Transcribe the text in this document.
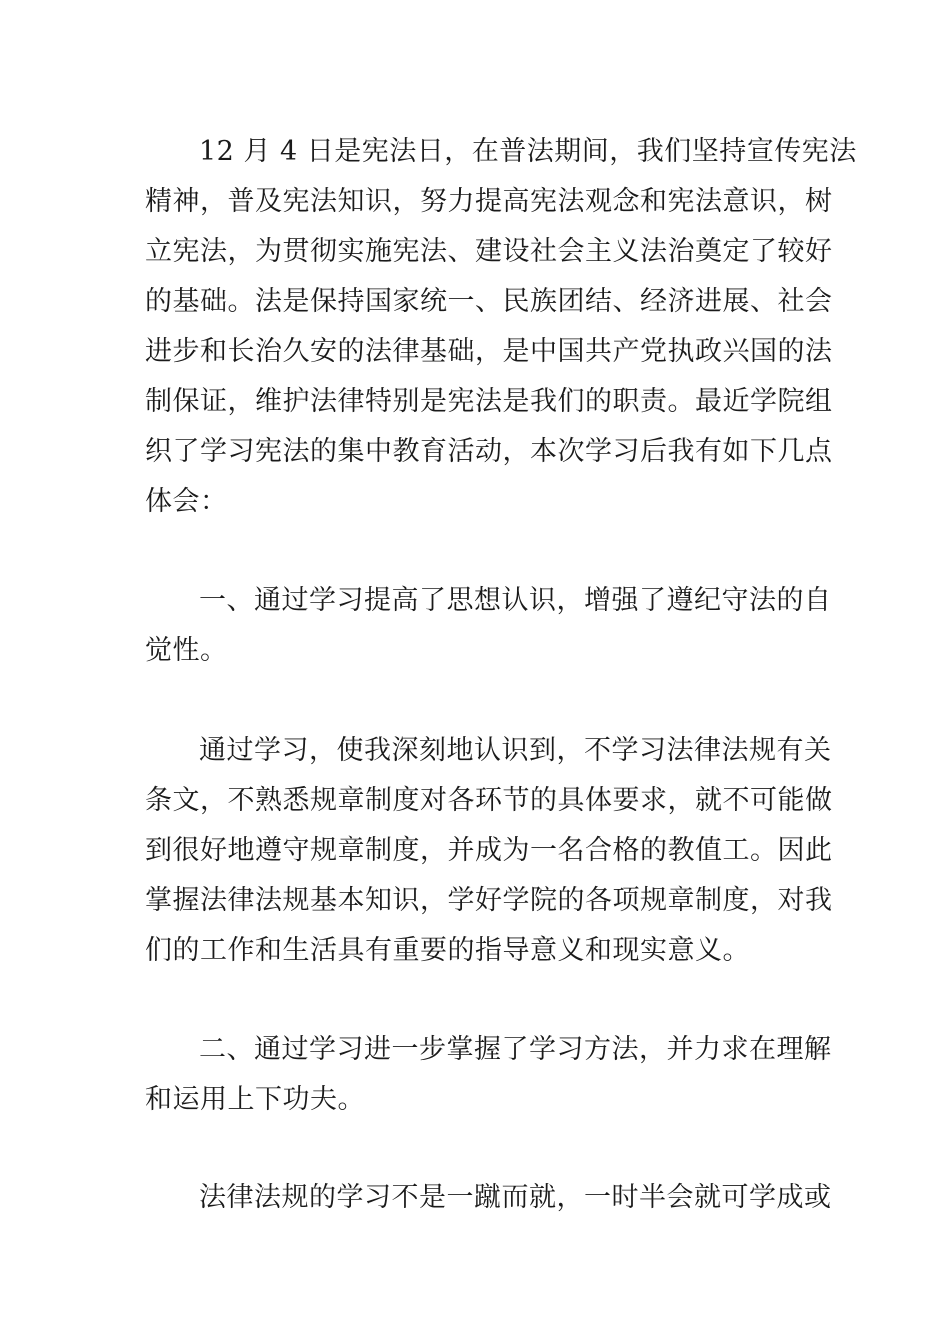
12 月 4 日是宪法日，在普法期间，我们坚持宣传宪法
精神，普及宪法知识，努力提高宪法观念和宪法意识，树
立宪法，为贯彻实施宪法、建设社会主义法治奠定了较好
的基础。法是保持国家统一、民族团结、经济进展、社会
进步和长治久安的法律基础，是中国共产党执政兴国的法
制保证，维护法律特别是宪法是我们的职责。最近学院组
织了学习宪法的集中教育活动，本次学习后我有如下几点
体会：
一、通过学习提高了思想认识，增强了遵纪守法的自
觉性。
通过学习，使我深刻地认识到，不学习法律法规有关
条文，不熟悉规章制度对各环节的具体要求，就不可能做
到很好地遵守规章制度，并成为一名合格的教值工。因此
掌握法律法规基本知识，学好学院的各项规章制度，对我
们的工作和生活具有重要的指导意义和现实意义。
二、通过学习进一步掌握了学习方法，并力求在理解
和运用上下功夫。
法律法规的学习不是一蹴而就，一时半会就可学成或
